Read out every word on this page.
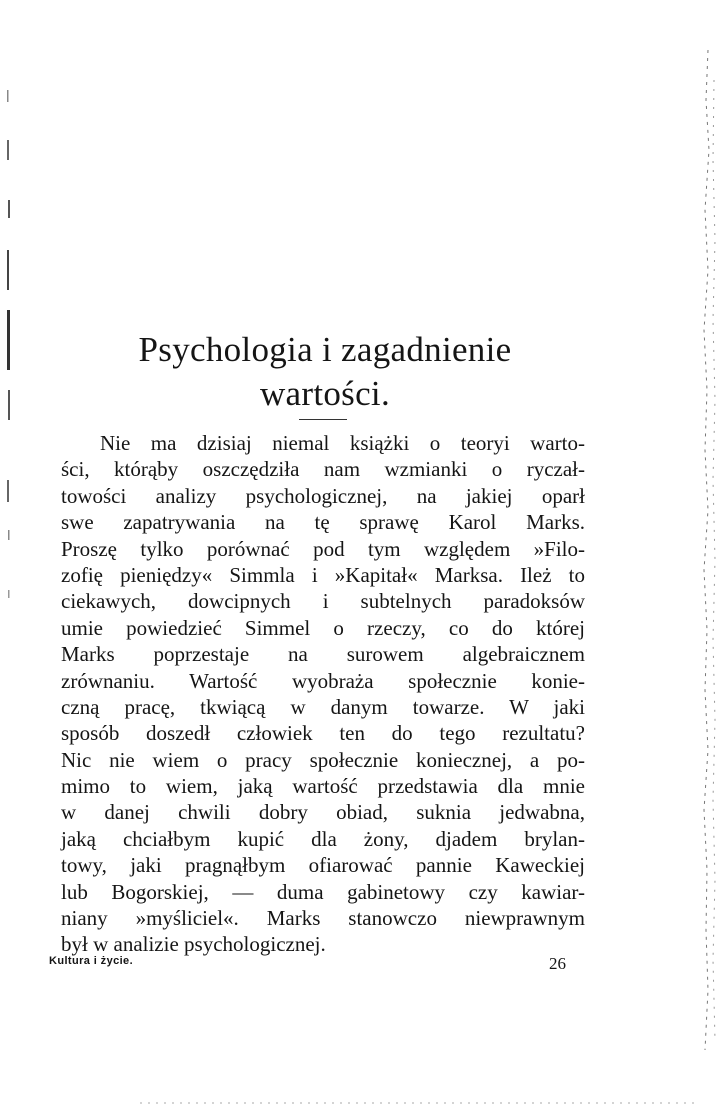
Psychologia i zagadnienie
wartości.
Nie ma dzisiaj niemal książki o teoryi warto-
ści, którąby oszczędziła nam wzmianki o ryczał-
towości analizy psychologicznej, na jakiej oparł
swe zapatrywania na tę sprawę Karol Marks.
Proszę tylko porównać pod tym względem »Filo-
zofię pieniędzy« Simmla i »Kapitał« Marksa. Ileż to
ciekawych, dowcipnych i subtelnych paradoksów
umie powiedzieć Simmel o rzeczy, co do której
Marks poprzestaje na surowem algebraicznem
zrównaniu. Wartość wyobraża społecznie konie-
czną pracę, tkwiącą w danym towarze. W jaki
sposób doszedł człowiek ten do tego rezultatu?
Nic nie wiem o pracy społecznie koniecznej, a po-
mimo to wiem, jaką wartość przedstawia dla mnie
w danej chwili dobry obiad, suknia jedwabna,
jaką chciałbym kupić dla żony, djadem brylan-
towy, jaki pragnąłbym ofiarować pannie Kaweckiej
lub Bogorskiej, — duma gabinetowy czy kawiar-
niany »myśliciel«. Marks stanowczo niewprawnym
był w analizie psychologicznej.
Kultura i życie.	26
